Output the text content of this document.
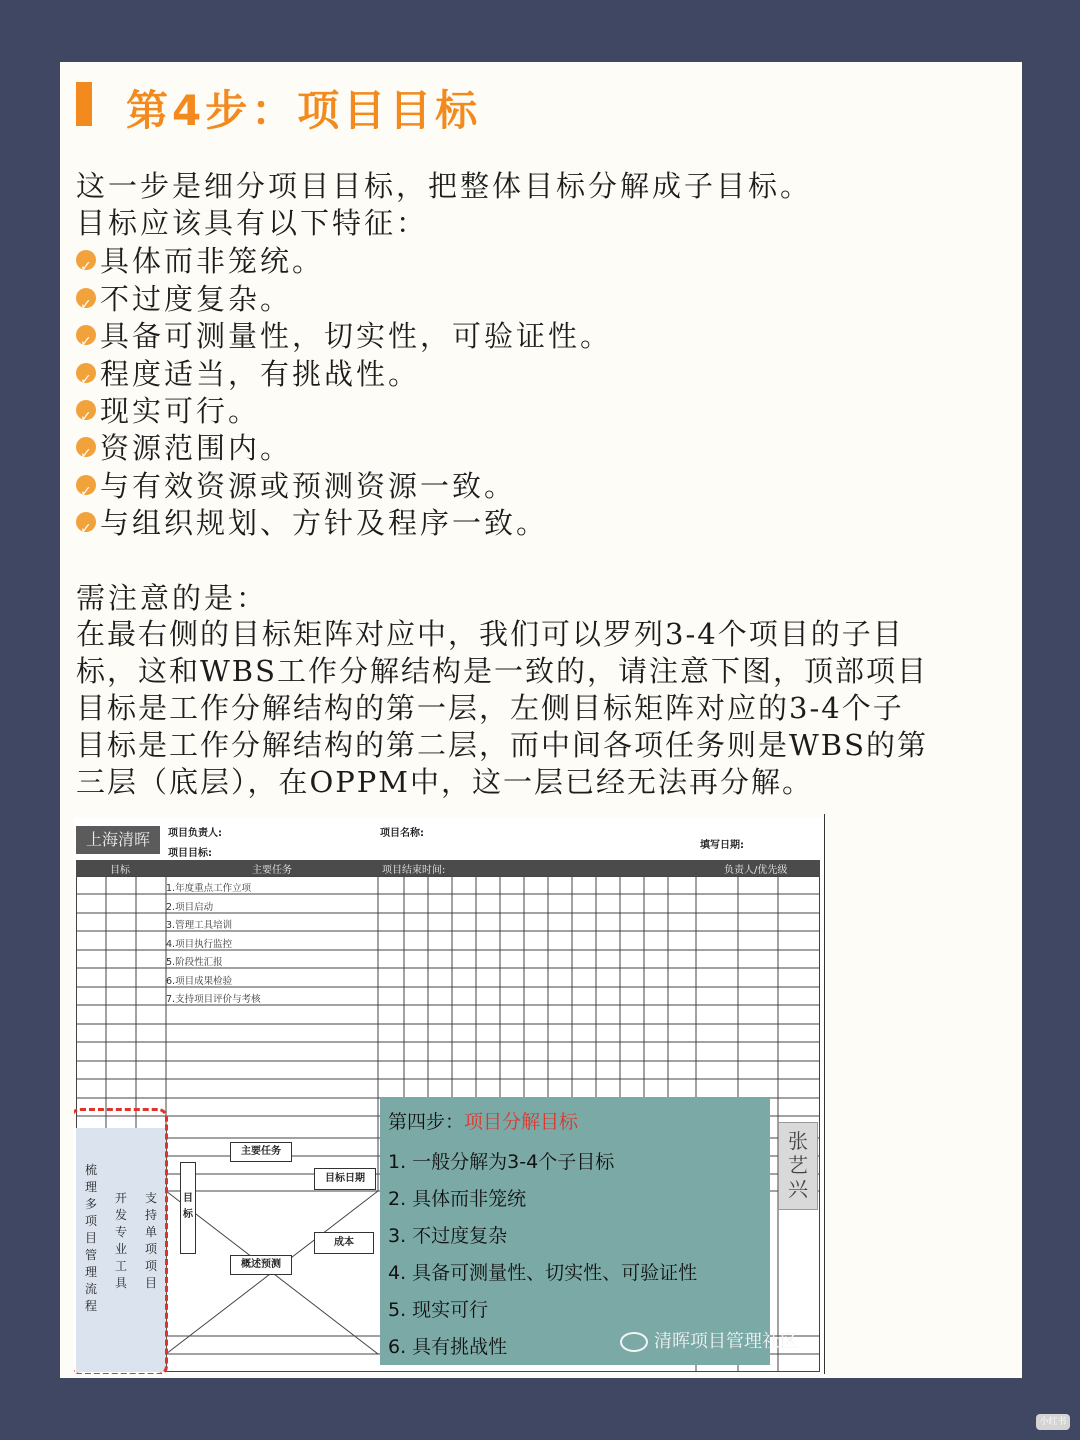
第4步：项目目标
这一步是细分项目目标，把整体目标分解成子目标。
目标应该具有以下特征：
✓具体而非笼统。
✓不过度复杂。
✓具备可测量性，切实性，可验证性。
✓程度适当，有挑战性。
✓现实可行。
✓资源范围内。
✓与有效资源或预测资源一致。
✓与组织规划、方针及程序一致。
需注意的是：
在最右侧的目标矩阵对应中，我们可以罗列3-4个项目的子目
标，这和WBS工作分解结构是一致的，请注意下图，顶部项目
目标是工作分解结构的第一层，左侧目标矩阵对应的3-4个子
目标是工作分解结构的第二层，而中间各项任务则是WBS的第
三层（底层），在OPPM中，这一层已经无法再分解。
上海清晖	项目负责人:
项目目标:
项目名称:
填写日期:
目标	主要任务	项目结束时间:	负责人/优先级
1.年度重点工作立项
2.项目启动
3.管理工具培训
4.项目执行监控
5.阶段性汇报
6.项目成果检验
7.支持项目评价与考核
梳理多项目管理流程
开发专业工具
支持单项项目
主要任务
目标
目标日期
成本
概述预测
张艺兴
第四步：项目分解目标
1. 一般分解为3-4个子目标
2. 具体而非笼统
3. 不过度复杂
4. 具备可测量性、切实性、可验证性
5. 现实可行
6. 具有挑战性	清晖项目管理社区
小红书
